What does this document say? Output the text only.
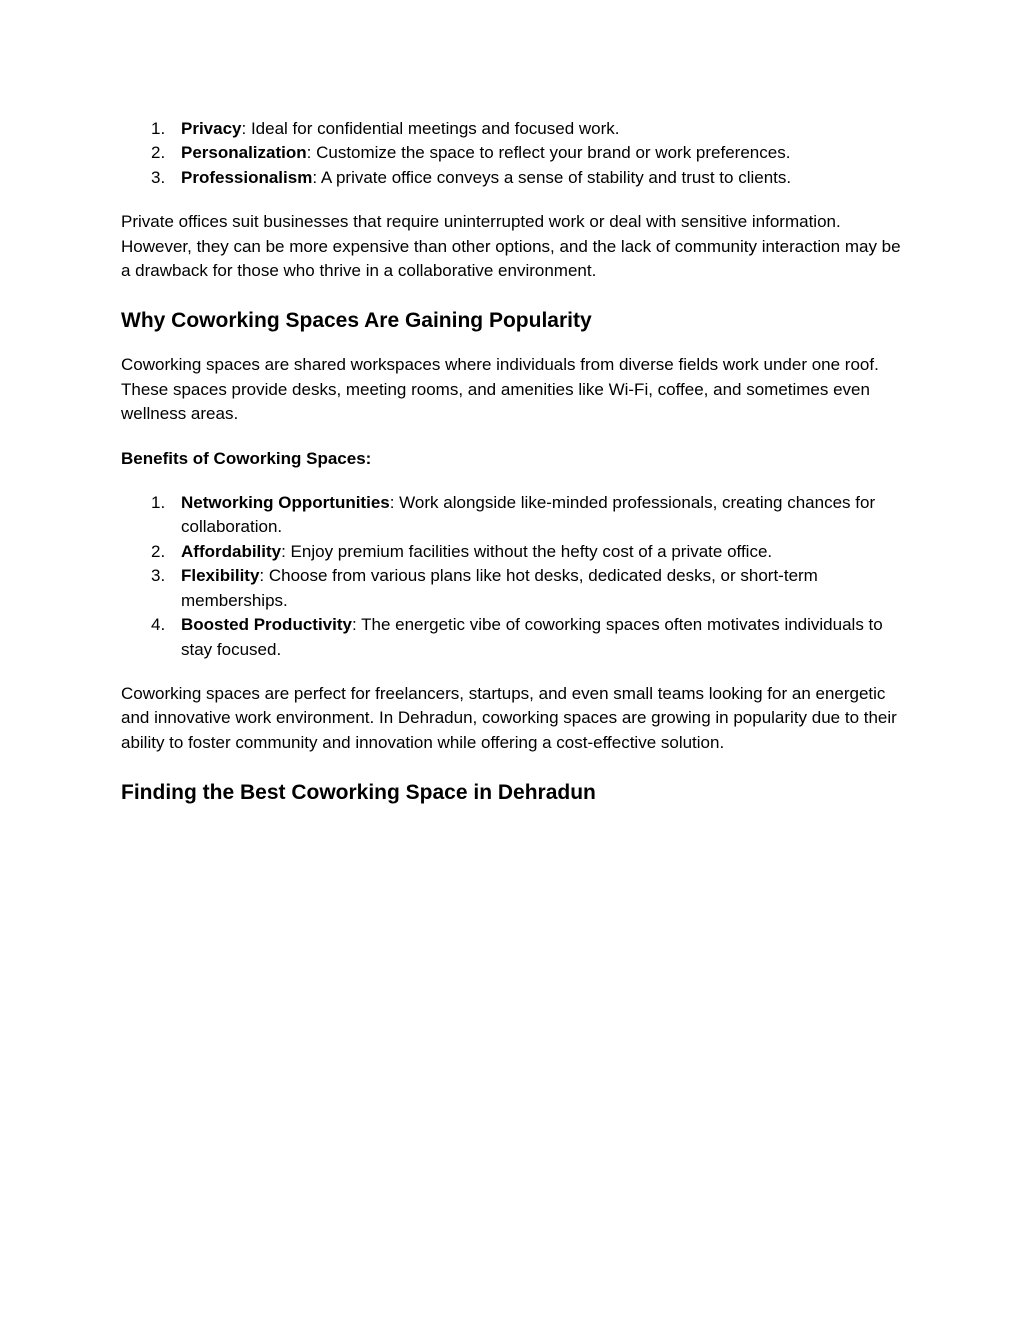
1. Privacy: Ideal for confidential meetings and focused work.
2. Personalization: Customize the space to reflect your brand or work preferences.
3. Professionalism: A private office conveys a sense of stability and trust to clients.

Private offices suit businesses that require uninterrupted work or deal with sensitive information. However, they can be more expensive than other options, and the lack of community interaction may be a drawback for those who thrive in a collaborative environment.

Why Coworking Spaces Are Gaining Popularity

Coworking spaces are shared workspaces where individuals from diverse fields work under one roof. These spaces provide desks, meeting rooms, and amenities like Wi-Fi, coffee, and sometimes even wellness areas.

Benefits of Coworking Spaces:

1. Networking Opportunities: Work alongside like-minded professionals, creating chances for collaboration.
2. Affordability: Enjoy premium facilities without the hefty cost of a private office.
3. Flexibility: Choose from various plans like hot desks, dedicated desks, or short-term memberships.
4. Boosted Productivity: The energetic vibe of coworking spaces often motivates individuals to stay focused.

Coworking spaces are perfect for freelancers, startups, and even small teams looking for an energetic and innovative work environment. In Dehradun, coworking spaces are growing in popularity due to their ability to foster community and innovation while offering a cost-effective solution.

Finding the Best Coworking Space in Dehradun
